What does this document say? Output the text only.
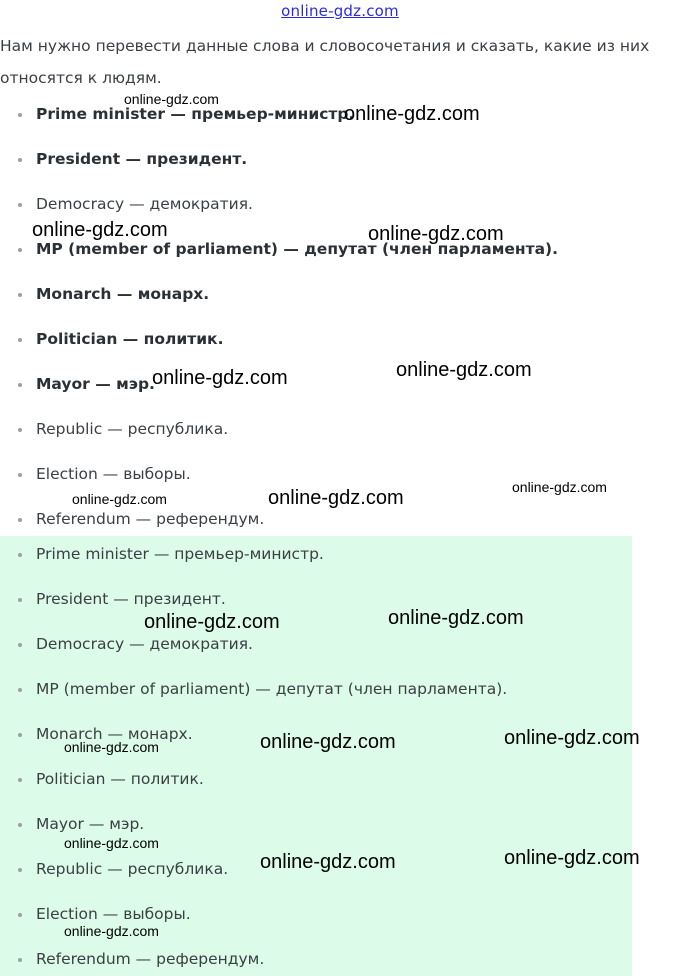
online-gdz.com

Нам нужно перевести данные слова и словосочетания и сказать, какие из них относятся к людям.

Prime minister — премьер-министр.
President — президент.
Democracy — демократия.
MP (member of parliament) — депутат (член парламента).
Monarch — монарх.
Politician — политик.
Mayor — мэр.
Republic — республика.
Election — выборы.
Referendum — референдум.
Prime minister — премьер-министр.
President — президент.
Democracy — демократия.
MP (member of parliament) — депутат (член парламента).
Monarch — монарх.
Politician — политик.
Mayor — мэр.
Republic — республика.
Election — выборы.
Referendum — референдум.
online-gdz.com
online-gdz.com
online-gdz.com	online-gdz.com
online-gdz.com
online-gdz.com
online-gdz.com
online-gdz.com	online-gdz.com
online-gdz.com
online-gdz.com
online-gdz.com
online-gdz.com
online-gdz.com
online-gdz.com
online-gdz.com
online-gdz.com
online-gdz.com
